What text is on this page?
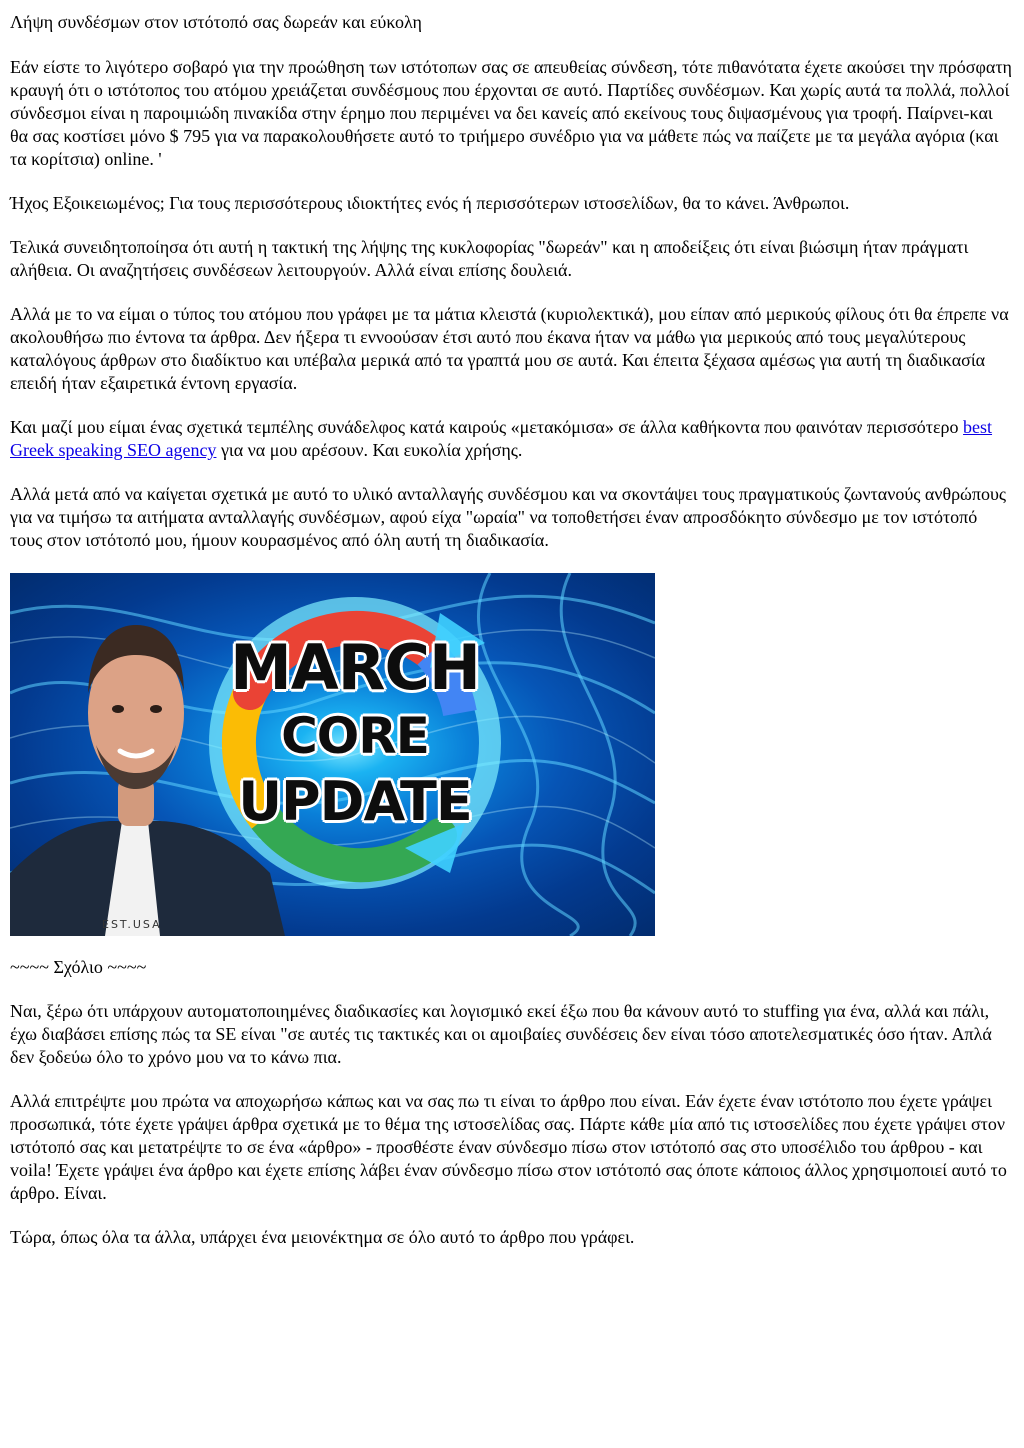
Λήψη συνδέσμων στον ιστότοπό σας δωρεάν και εύκολη

Εάν είστε το λιγότερο σοβαρό για την προώθηση των ιστότοπων σας σε απευθείας σύνδεση, τότε πιθανότατα έχετε ακούσει την πρόσφατη κραυγή ότι ο ιστότοπος του ατόμου χρειάζεται συνδέσμους που έρχονται σε αυτό. Παρτίδες συνδέσμων. Και χωρίς αυτά τα πολλά, πολλοί σύνδεσμοι είναι η παροιμιώδη πινακίδα στην έρημο που περιμένει να δει κανείς από εκείνους τους διψασμένους για τροφή. Παίρνει-και θα σας κοστίσει μόνο $ 795 για να παρακολουθήσετε αυτό το τριήμερο συνέδριο για να μάθετε πώς να παίζετε με τα μεγάλα αγόρια (και τα κορίτσια) online. '

Ήχος Εξοικειωμένος; Για τους περισσότερους ιδιοκτήτες ενός ή περισσότερων ιστοσελίδων, θα το κάνει. Άνθρωποι.

Τελικά συνειδητοποίησα ότι αυτή η τακτική της λήψης της κυκλοφορίας "δωρεάν" και η αποδείξεις ότι είναι βιώσιμη ήταν πράγματι αλήθεια. Οι αναζητήσεις συνδέσεων λειτουργούν. Αλλά είναι επίσης δουλειά.

Αλλά με το να είμαι ο τύπος του ατόμου που γράφει με τα μάτια κλειστά (κυριολεκτικά), μου είπαν από μερικούς φίλους ότι θα έπρεπε να ακολουθήσω πιο έντονα τα άρθρα. Δεν ήξερα τι εννοούσαν έτσι αυτό που έκανα ήταν να μάθω για μερικούς από τους μεγαλύτερους καταλόγους άρθρων στο διαδίκτυο και υπέβαλα μερικά από τα γραπτά μου σε αυτά. Και έπειτα ξέχασα αμέσως για αυτή τη διαδικασία επειδή ήταν εξαιρετικά έντονη εργασία.

Και μαζί μου είμαι ένας σχετικά τεμπέλης συνάδελφος κατά καιρούς «μετακόμισα» σε άλλα καθήκοντα που φαινόταν περισσότερο best Greek speaking SEO agency για να μου αρέσουν. Και ευκολία χρήσης.

Αλλά μετά από να καίγεται σχετικά με αυτό το υλικό ανταλλαγής συνδέσμου και να σκοντάψει τους πραγματικούς ζωντανούς ανθρώπους για να τιμήσω τα αιτήματα ανταλλαγής συνδέσμων, αφού είχα "ωραία" να τοποθετήσει έναν απροσδόκητο σύνδεσμο με τον ιστότοπό τους στον ιστότοπό μου, ήμουν κουρασμένος από όλη αυτή τη διαδικασία.

MARCH
CORE
UPDATE
EST.USA

~~~~ Σχόλιο ~~~~

Ναι, ξέρω ότι υπάρχουν αυτοματοποιημένες διαδικασίες και λογισμικό εκεί έξω που θα κάνουν αυτό το stuffing για ένα, αλλά και πάλι, έχω διαβάσει επίσης πώς τα SE είναι "σε αυτές τις τακτικές και οι αμοιβαίες συνδέσεις δεν είναι τόσο αποτελεσματικές όσο ήταν. Απλά δεν ξοδεύω όλο το χρόνο μου να το κάνω πια.

Αλλά επιτρέψτε μου πρώτα να αποχωρήσω κάπως και να σας πω τι είναι το άρθρο που είναι. Εάν έχετε έναν ιστότοπο που έχετε γράψει προσωπικά, τότε έχετε γράψει άρθρα σχετικά με το θέμα της ιστοσελίδας σας. Πάρτε κάθε μία από τις ιστοσελίδες που έχετε γράψει στον ιστότοπό σας και μετατρέψτε το σε ένα «άρθρο» - προσθέστε έναν σύνδεσμο πίσω στον ιστότοπό σας στο υποσέλιδο του άρθρου - και voila! Έχετε γράψει ένα άρθρο και έχετε επίσης λάβει έναν σύνδεσμο πίσω στον ιστότοπό σας όποτε κάποιος άλλος χρησιμοποιεί αυτό το άρθρο. Είναι.

Τώρα, όπως όλα τα άλλα, υπάρχει ένα μειονέκτημα σε όλο αυτό το άρθρο που γράφει.
